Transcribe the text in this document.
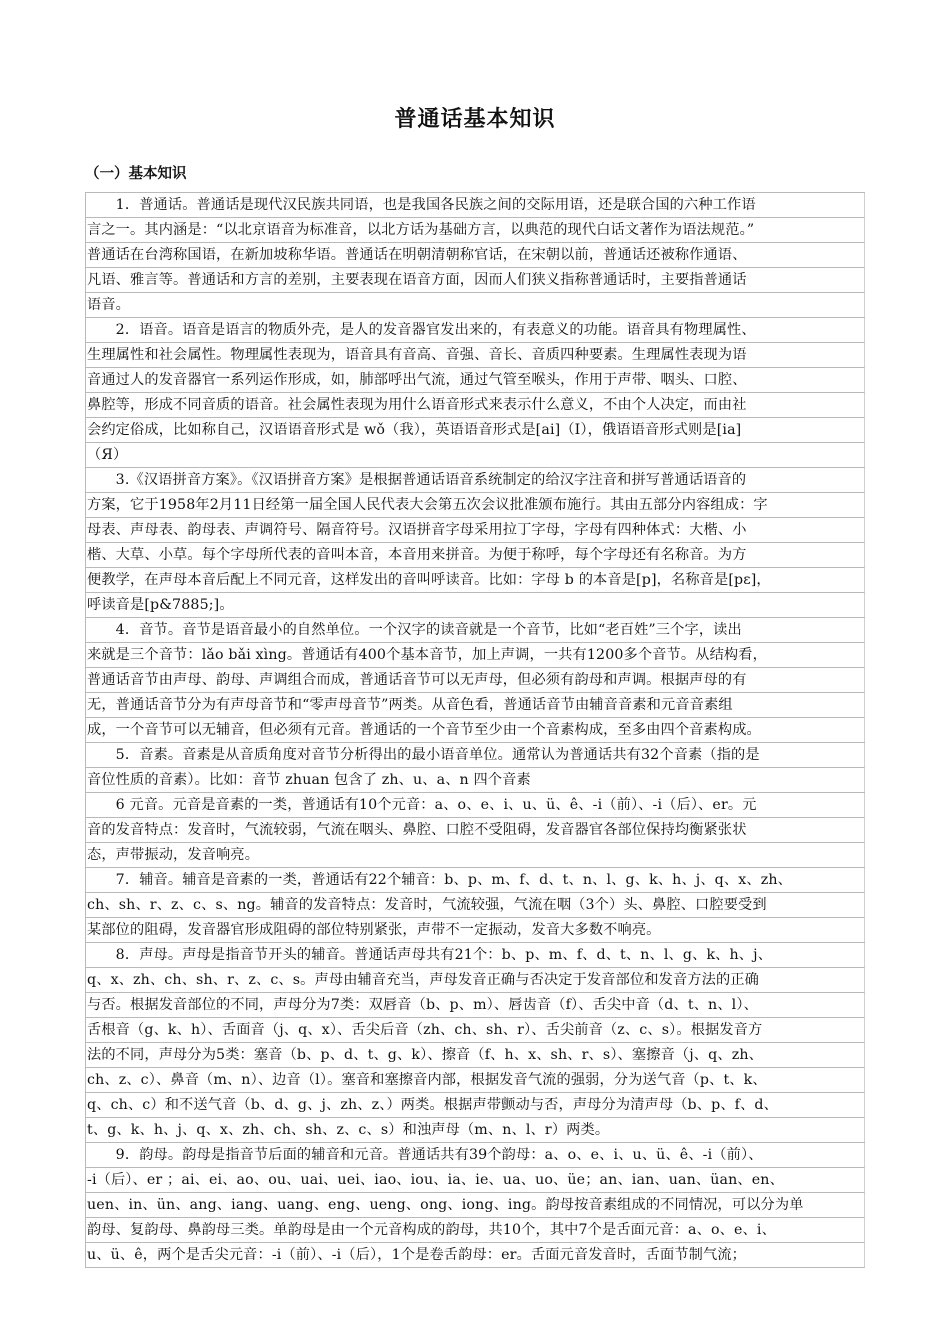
普通话基本知识
（一）基本知识
　　1．普通话。普通话是现代汉民族共同语，也是我国各民族之间的交际用语，还是联合国的六种工作语
言之一。其内涵是：“以北京语音为标准音，以北方话为基础方言，以典范的现代白话文著作为语法规范。”
普通话在台湾称国语，在新加坡称华语。普通话在明朝清朝称官话，在宋朝以前，普通话还被称作通语、
凡语、雅言等。普通话和方言的差别，主要表现在语音方面，因而人们狭义指称普通话时，主要指普通话
语音。
　　2．语音。语音是语言的物质外壳，是人的发音器官发出来的，有表意义的功能。语音具有物理属性、
生理属性和社会属性。物理属性表现为，语音具有音高、音强、音长、音质四种要素。生理属性表现为语
音通过人的发音器官一系列运作形成，如，肺部呼出气流，通过气管至喉头，作用于声带、咽头、口腔、
鼻腔等，形成不同音质的语音。社会属性表现为用什么语音形式来表示什么意义，不由个人决定，而由社
会约定俗成，比如称自己，汉语语音形式是 wǒ（我），英语语音形式是[ai]（I），俄语语音形式则是[ia]
（Я）
　　3.《汉语拼音方案》。《汉语拼音方案》是根据普通话语音系统制定的给汉字注音和拼写普通话语音的
方案，它于1958年2月11日经第一届全国人民代表大会第五次会议批准颁布施行。其由五部分内容组成：字
母表、声母表、韵母表、声调符号、隔音符号。汉语拼音字母采用拉丁字母，字母有四种体式：大楷、小
楷、大草、小草。每个字母所代表的音叫本音，本音用来拼音。为便于称呼，每个字母还有名称音。为方
便教学，在声母本音后配上不同元音，这样发出的音叫呼读音。比如：字母 b 的本音是[p]，名称音是[pɛ]，
呼读音是[p&7885;]。
　　4．音节。音节是语音最小的自然单位。一个汉字的读音就是一个音节，比如“老百姓”三个字，读出
来就是三个音节：lǎo bǎi xìng。普通话有400个基本音节，加上声调，一共有1200多个音节。从结构看，
普通话音节由声母、韵母、声调组合而成，普通话音节可以无声母，但必须有韵母和声调。根据声母的有
无，普通话音节分为有声母音节和“零声母音节”两类。从音色看，普通话音节由辅音音素和元音音素组
成，一个音节可以无辅音，但必须有元音。普通话的一个音节至少由一个音素构成，至多由四个音素构成。
　　5．音素。音素是从音质角度对音节分析得出的最小语音单位。通常认为普通话共有32个音素（指的是
音位性质的音素）。比如：音节 zhuan 包含了 zh、u、a、n 四个音素
　　6 元音。元音是音素的一类，普通话有10个元音：a、o、e、i、u、ü、ê、-i（前）、-i（后）、er。元
音的发音特点：发音时，气流较弱，气流在咽头、鼻腔、口腔不受阻碍，发音器官各部位保持均衡紧张状
态，声带振动，发音响亮。
　　7．辅音。辅音是音素的一类，普通话有22个辅音：b、p、m、f、d、t、n、l、g、k、h、j、q、x、zh、
ch、sh、r、z、c、s、ng。辅音的发音特点：发音时，气流较强，气流在咽（3个）头、鼻腔、口腔要受到
某部位的阻碍，发音器官形成阻碍的部位特别紧张，声带不一定振动，发音大多数不响亮。
　　8．声母。声母是指音节开头的辅音。普通话声母共有21个：b、p、m、f、d、t、n、l、g、k、h、j、
q、x、zh、ch、sh、r、z、c、s。声母由辅音充当，声母发音正确与否决定于发音部位和发音方法的正确
与否。根据发音部位的不同，声母分为7类：双唇音（b、p、m）、唇齿音（f）、舌尖中音（d、t、n、l）、
舌根音（g、k、h）、舌面音（j、q、x）、舌尖后音（zh、ch、sh、r）、舌尖前音（z、c、s）。根据发音方
法的不同，声母分为5类：塞音（b、p、d、t、g、k）、擦音（f、h、x、sh、r、s）、塞擦音（j、q、zh、
ch、z、c）、鼻音（m、n）、边音（l）。塞音和塞擦音内部，根据发音气流的强弱，分为送气音（p、t、k、
q、ch、c）和不送气音（b、d、g、j、zh、z、）两类。根据声带颤动与否，声母分为清声母（b、p、f、d、
t、g、k、h、j、q、x、zh、ch、sh、z、c、s）和浊声母（m、n、l、r）两类。
　　9．韵母。韵母是指音节后面的辅音和元音。普通话共有39个韵母：a、o、e、i、u、ü、ê、-i（前）、
-i（后）、er ；ai、ei、ao、ou、uai、uei、iao、iou、ia、ie、ua、uo、üe；an、ian、uan、üan、en、
uen、in、ün、ang、iang、uang、eng、ueng、ong、iong、ing。韵母按音素组成的不同情况，可以分为单
韵母、复韵母、鼻韵母三类。单韵母是由一个元音构成的韵母，共10个，其中7个是舌面元音：a、o、e、i、
u、ü、ê，两个是舌尖元音：-i（前）、-i（后），1个是卷舌韵母：er。舌面元音发音时，舌面节制气流；
